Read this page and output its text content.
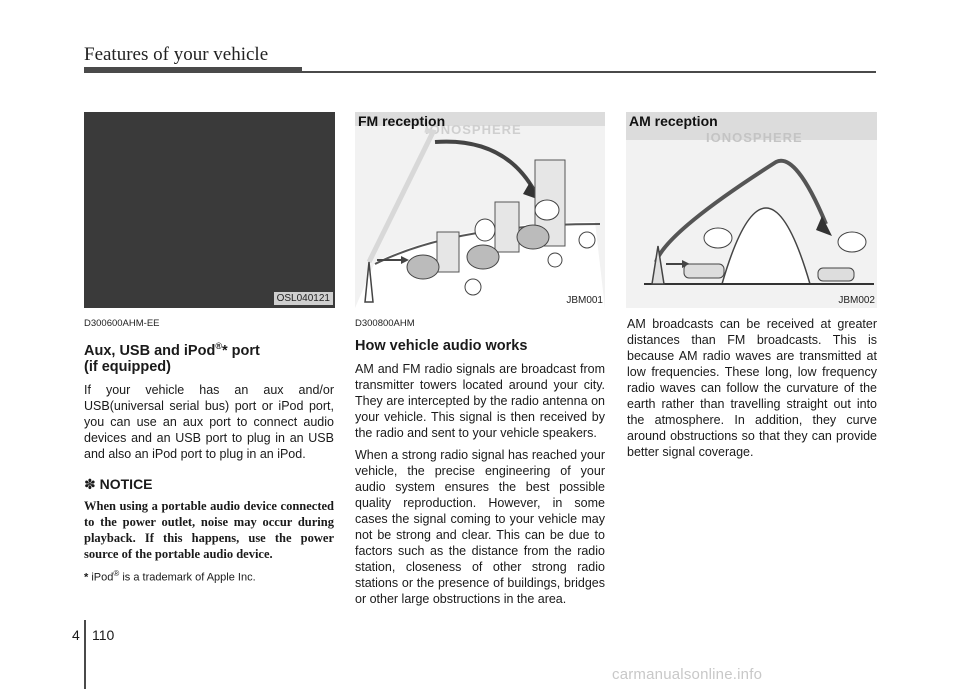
Features of your vehicle
OSL040121
FM reception
IONOSPHERE
JBM001
AM reception
IONOSPHERE
JBM002
D300600AHM-EE
Aux, USB and iPod®* port
(if equipped)

If your vehicle has an aux and/or USB(universal serial bus) port or iPod port, you can use an aux port to connect audio devices and an USB port to plug in an USB and also an iPod port to plug in an iPod.

✽ NOTICE
When using a portable audio device connected to the power outlet, noise may occur during playback. If this happens, use the power source of the portable audio device.
* iPod® is a trademark of Apple Inc.
D300800AHM
How vehicle audio works

AM and FM radio signals are broadcast from transmitter towers located around your city. They are intercepted by the radio antenna on your vehicle. This signal is then received by the radio and sent to your vehicle speakers.

When a strong radio signal has reached your vehicle, the precise engineering of your audio system ensures the best possible quality reproduction. However, in some cases the signal coming to your vehicle may not be strong and clear. This can be due to factors such as the distance from the radio station, closeness of other strong radio stations or the presence of buildings, bridges or other large obstructions in the area.

AM broadcasts can be received at greater distances than FM broadcasts. This is because AM radio waves are transmitted at low frequencies. These long, low frequency radio waves can follow the curvature of the earth rather than travelling straight out into the atmosphere. In addition, they curve around obstructions so that they can provide better signal coverage.

4 110
carmanualsonline.info
